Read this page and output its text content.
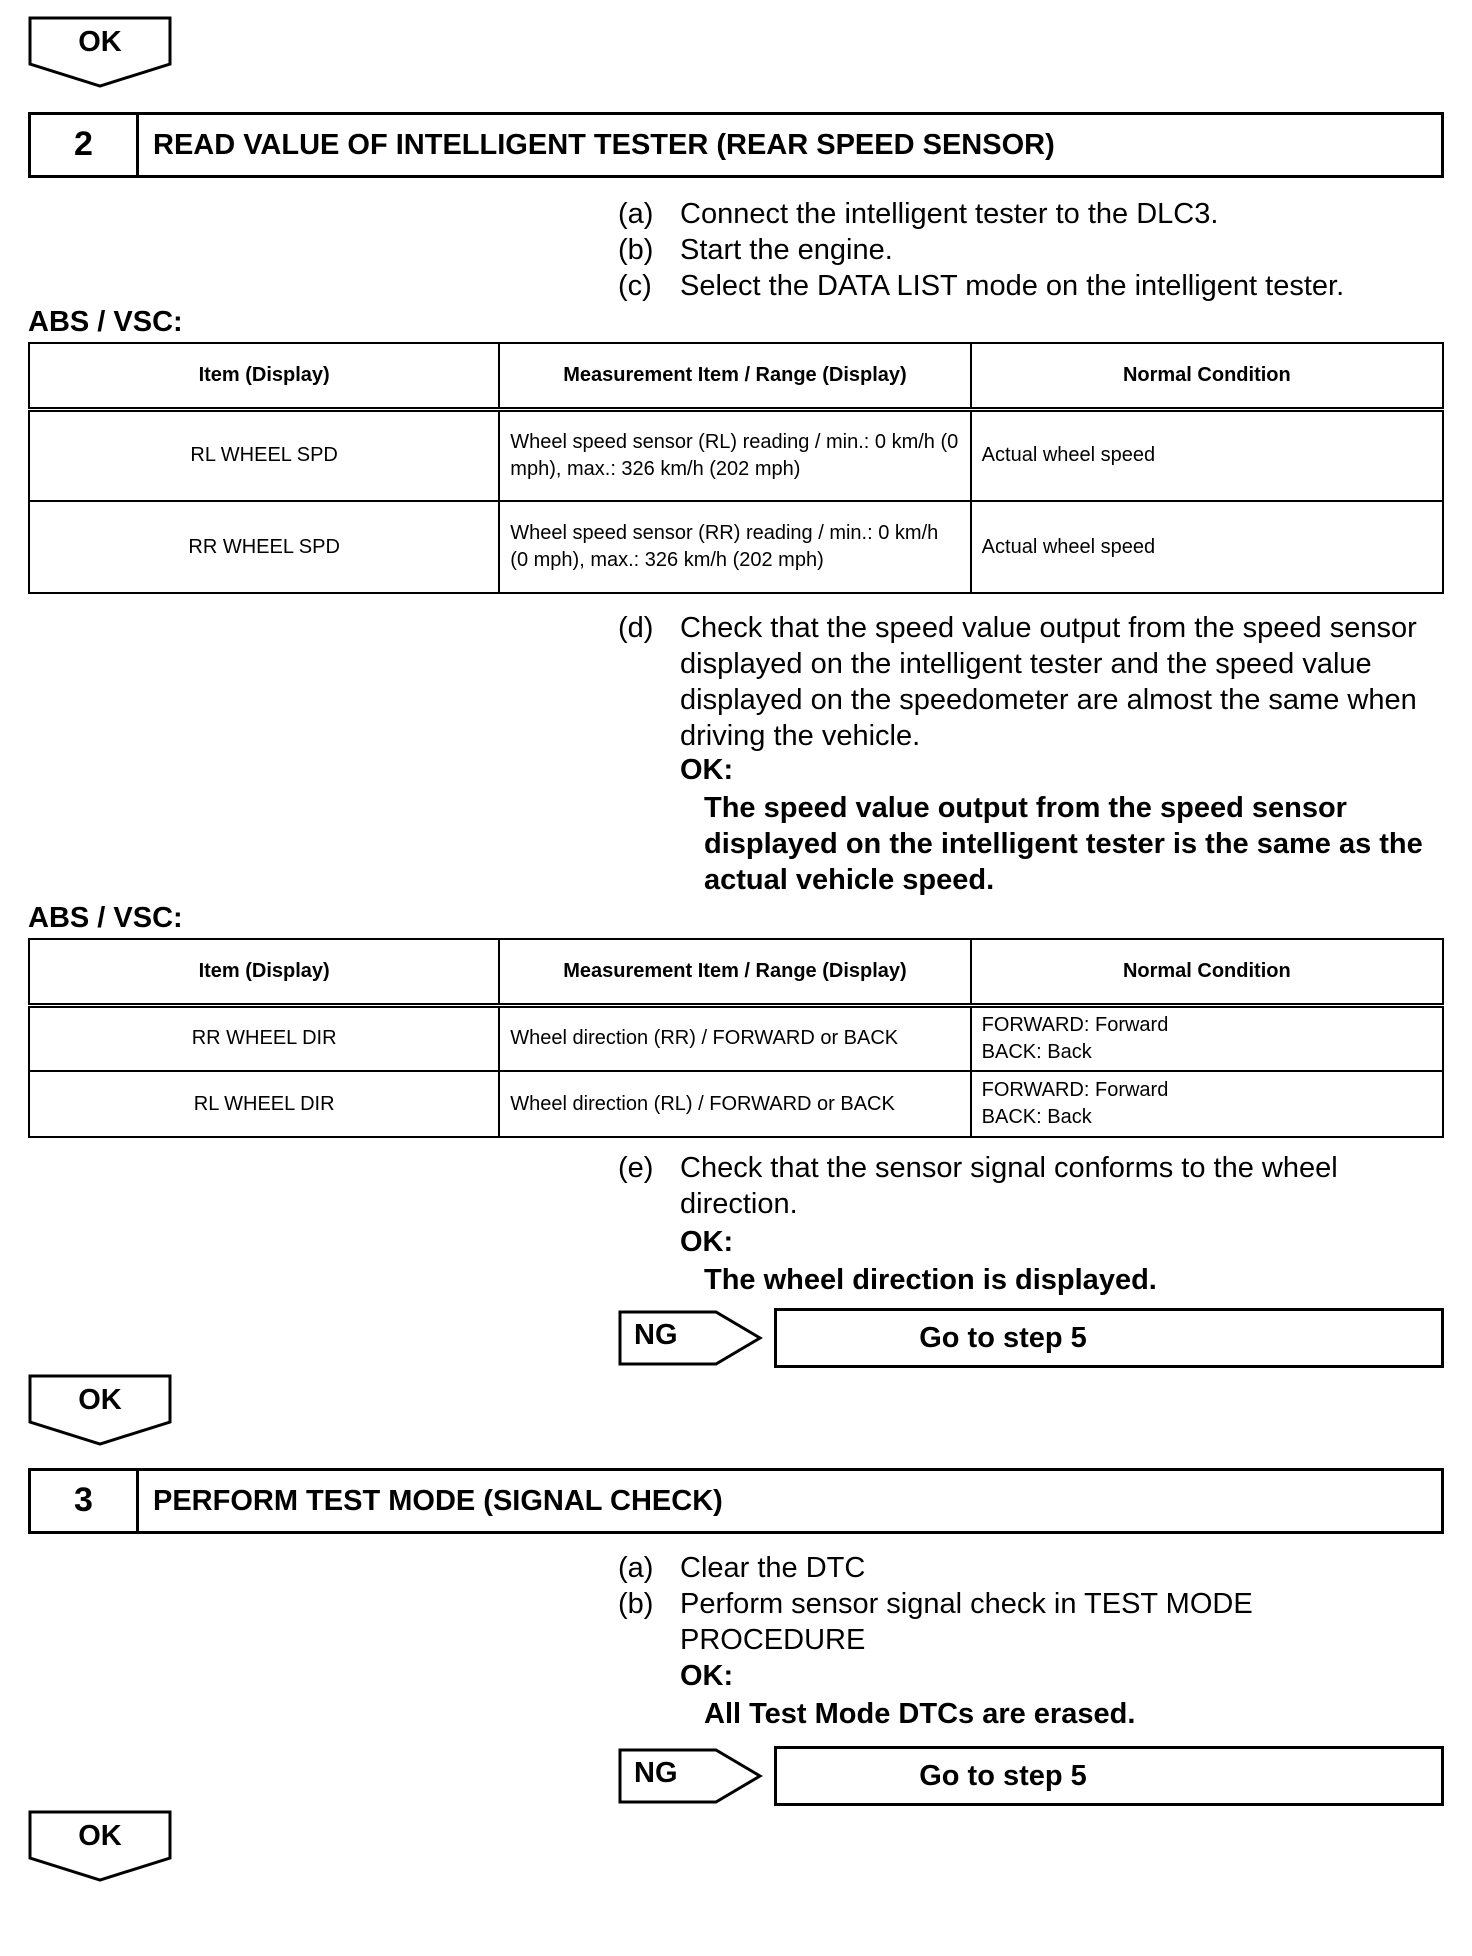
OK
2	READ VALUE OF INTELLIGENT TESTER (REAR SPEED SENSOR)
(a) Connect the intelligent tester to the DLC3.
(b) Start the engine.
(c) Select the DATA LIST mode on the intelligent tester.
ABS / VSC:
Item (Display)	Measurement Item / Range (Display)	Normal Condition
RL WHEEL SPD	Wheel speed sensor (RL) reading / min.: 0 km/h (0 mph), max.: 326 km/h (202 mph)	Actual wheel speed
RR WHEEL SPD	Wheel speed sensor (RR) reading / min.: 0 km/h (0 mph), max.: 326 km/h (202 mph)	Actual wheel speed
(d) Check that the speed value output from the speed sensor displayed on the intelligent tester and the speed value displayed on the speedometer are almost the same when driving the vehicle.
OK:
The speed value output from the speed sensor displayed on the intelligent tester is the same as the actual vehicle speed.
ABS / VSC:
Item (Display)	Measurement Item / Range (Display)	Normal Condition
RR WHEEL DIR	Wheel direction (RR) / FORWARD or BACK	FORWARD: Forward
BACK: Back

RL WHEEL DIR	Wheel direction (RL) / FORWARD or BACK	FORWARD: Forward
BACK: Back
(e) Check that the sensor signal conforms to the wheel direction.
OK:
The wheel direction is displayed.
NG	Go to step 5
OK
3	PERFORM TEST MODE (SIGNAL CHECK)
(a) Clear the DTC
(b) Perform sensor signal check in TEST MODE PROCEDURE
OK:
All Test Mode DTCs are erased.
NG	Go to step 5
OK
